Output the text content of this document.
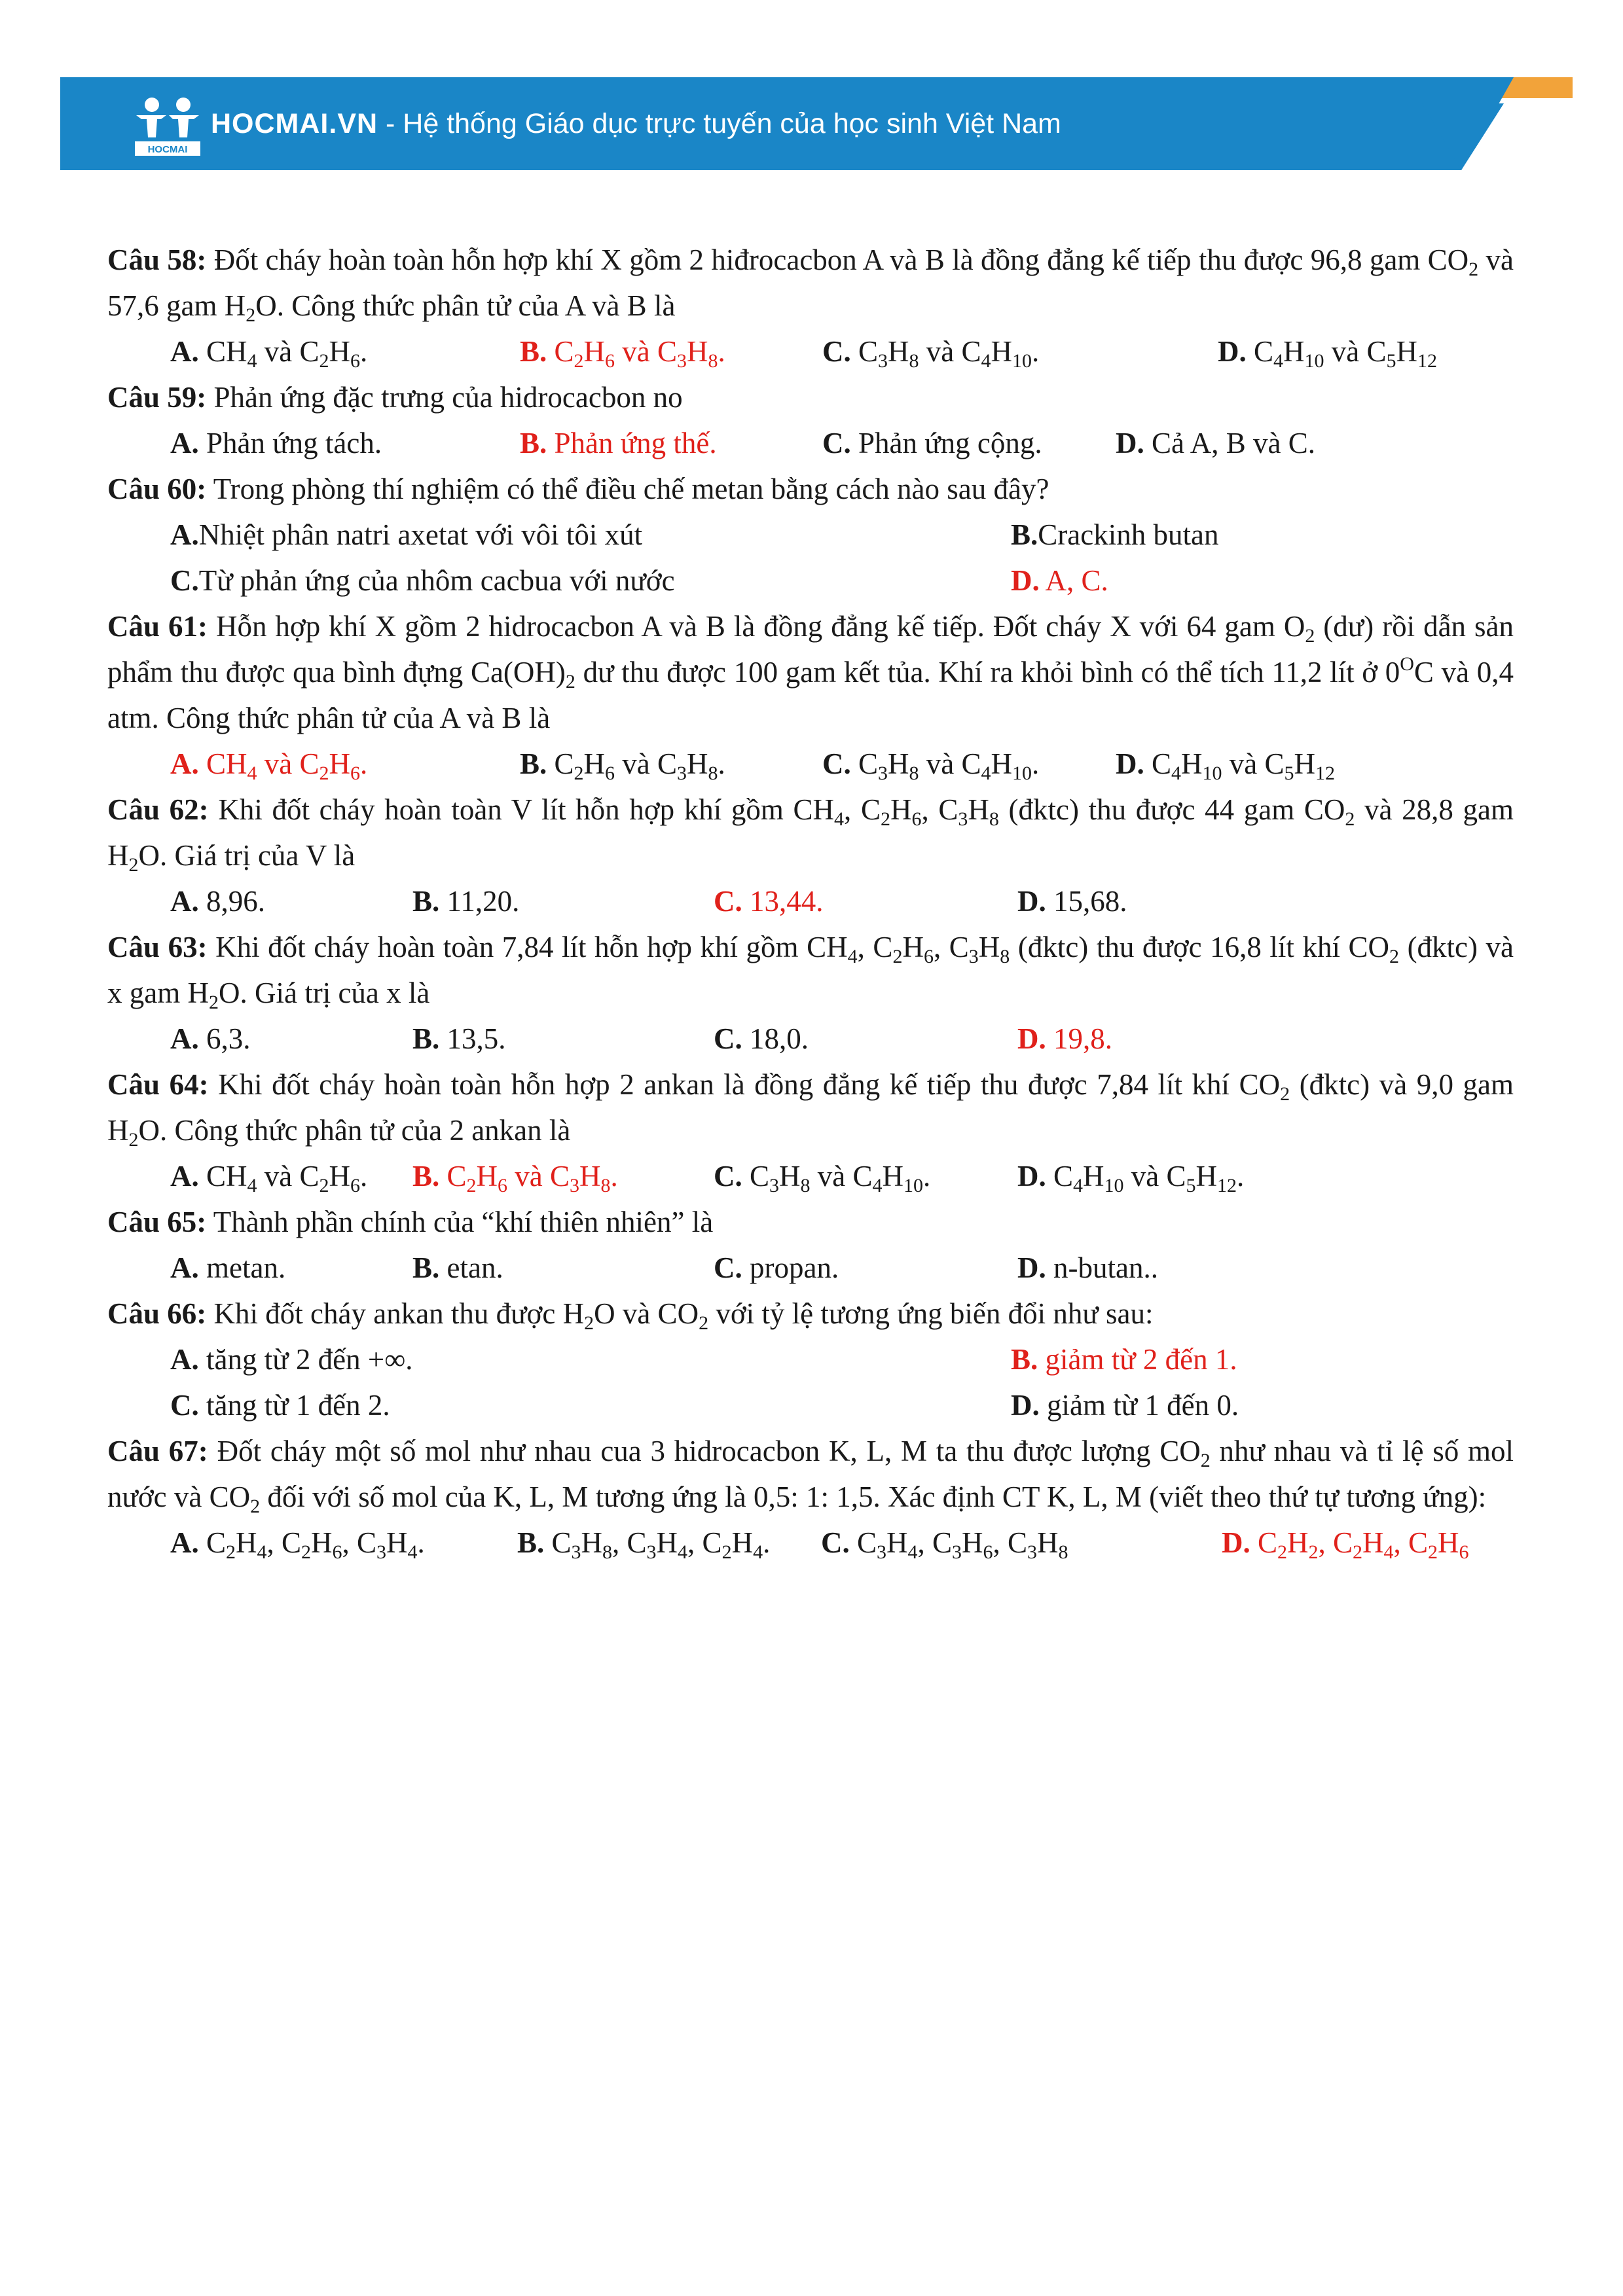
HOCMAI
HOCMAI.VN - Hệ thống Giáo dục trực tuyến của học sinh Việt Nam

Câu 58: Đốt cháy hoàn toàn hỗn hợp khí X gồm 2 hiđrocacbon A và B là đồng đẳng kế tiếp thu được 96,8 gam $CO_2$ và 57,6 gam $H_2O$. Công thức phân tử của A và B là

A. $CH_4$ và $C_2H_6$.	B. $C_2H_6$ và $C_3H_8$.	C. $C_3H_8$ và $C_4H_{10}$.	D. $C_4H_{10}$ và $C_5H_{12}$

Câu 59: Phản ứng đặc trưng của hidrocacbon no

A. Phản ứng tách.	B. Phản ứng thế.	C. Phản ứng cộng. D. Cả A, B và C.

Câu 60: Trong phòng thí nghiệm có thể điều chế metan bằng cách nào sau đây?

A.Nhiệt phân natri axetat với vôi tôi xút	B.Crackinh butan
C.Từ phản ứng của nhôm cacbua với nước	D. A, C.

Câu 61: Hỗn hợp khí X gồm 2 hidrocacbon A và B là đồng đẳng kế tiếp. Đốt cháy X với 64 gam $O_2$ (dư) rồi dẫn sản phẩm thu được qua bình đựng $Ca(OH)_2$ dư thu được 100 gam kết tủa. Khí ra khỏi bình có thể tích 11,2 lít ở $0^OC$ và 0,4 atm. Công thức phân tử của A và B là

A. $CH_4$ và $C_2H_6$.	B. $C_2H_6$ và $C_3H_8$.	C. $C_3H_8$ và $C_4H_{10}$.	D. $C_4H_{10}$ và $C_5H_{12}$

Câu 62: Khi đốt cháy hoàn toàn V lít hỗn hợp khí gồm $CH_4$, $C_2H_6$, $C_3H_8$ (đktc) thu được 44 gam $CO_2$ và 28,8 gam $H_2O$. Giá trị của V là

A. 8,96.	B. 11,20.	C. 13,44.	D. 15,68.

Câu 63: Khi đốt cháy hoàn toàn 7,84 lít hỗn hợp khí gồm $CH_4$, $C_2H_6$, $C_3H_8$ (đktc) thu được 16,8 lít khí $CO_2$ (đktc) và x gam $H_2O$. Giá trị của x là

A. 6,3.	B. 13,5.	C. 18,0.	D. 19,8.

Câu 64: Khi đốt cháy hoàn toàn hỗn hợp 2 ankan là đồng đẳng kế tiếp thu được 7,84 lít khí $CO_2$ (đktc) và 9,0 gam $H_2O$. Công thức phân tử của 2 ankan là

A. $CH_4$ và $C_2H_6$. B. $C_2H_6$ và $C_3H_8$.	C. $C_3H_8$ và $C_4H_{10}$.	D. $C_4H_{10}$ và $C_5H_{12}$.

Câu 65: Thành phần chính của “khí thiên nhiên” là

A. metan.	B. etan.	C. propan.	D. n-butan..

Câu 66: Khi đốt cháy ankan thu được $H_2O$ và $CO_2$ với tỷ lệ tương ứng biến đổi như sau:

A. tăng từ 2 đến +∞.	B. giảm từ 2 đến 1.
C. tăng từ 1 đến 2.	D. giảm từ 1 đến 0.

Câu 67: Đốt cháy một số mol như nhau cua 3 hidrocacbon K, L, M ta thu được lượng $CO_2$ như nhau và tỉ lệ số mol nước và $CO_2$ đối với số mol của K, L, M tương ứng là 0,5: 1: 1,5. Xác định CT K, L, M (viết theo thứ tự tương ứng):

A. $C_2H_4$, $C_2H_6$, $C_3H_4$.	B. $C_3H_8$, $C_3H_4$, $C_2H_4$. C. $C_3H_4$, $C_3H_6$, $C_3H_8$	D. $C_2H_2$, $C_2H_4$, $C_2H_6$
